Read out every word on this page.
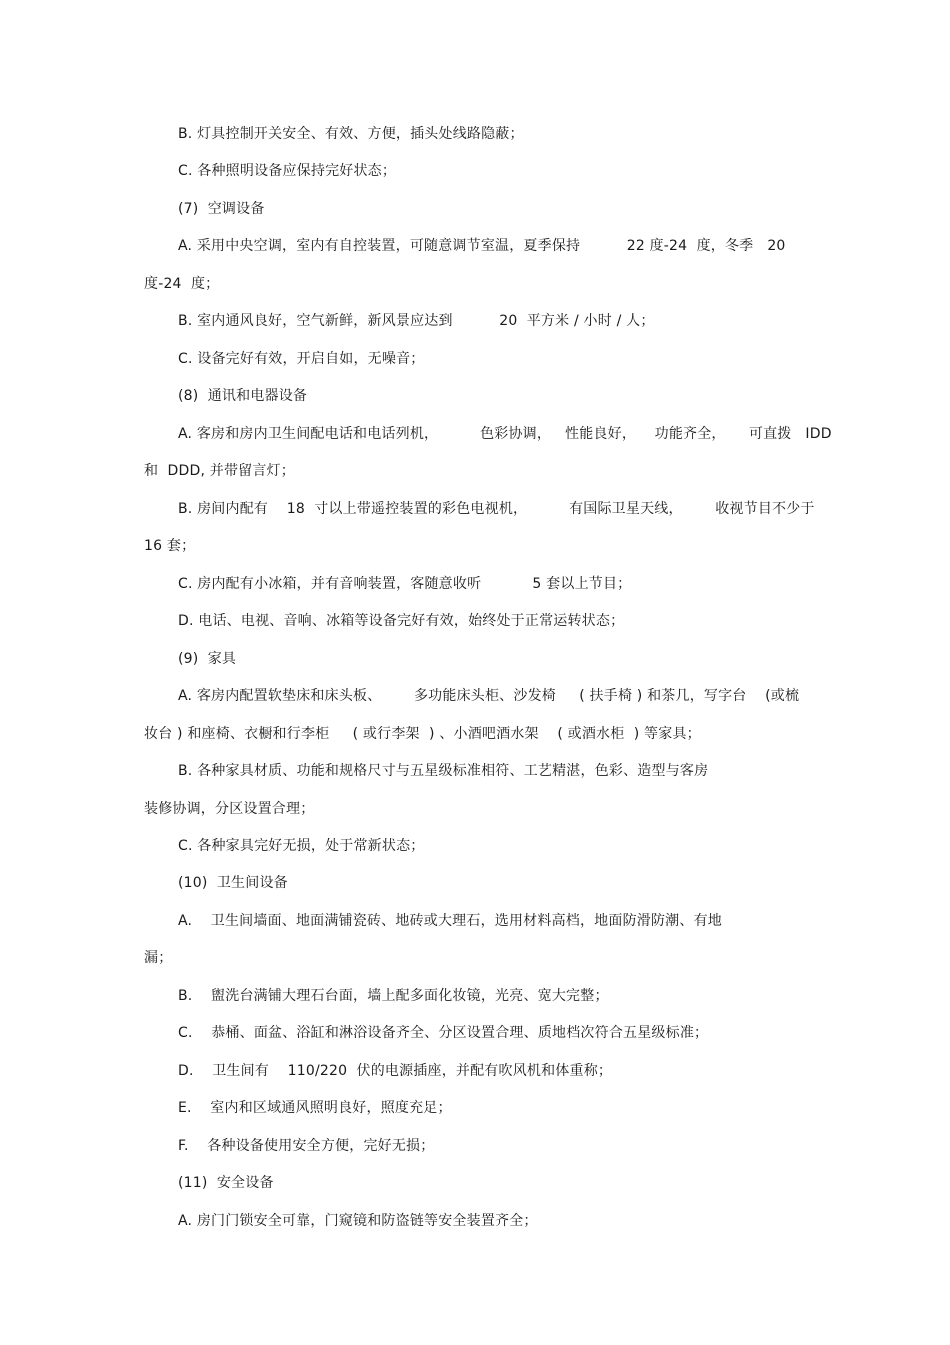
B. 灯具控制开关安全、有效、方便，插头处线路隐蔽；
C. 各种照明设备应保持完好状态；
(7)  空调设备
A. 采用中央空调，室内有自控装置，可随意调节室温，夏季保持          22 度-24  度，冬季   20
度-24  度；
B. 室内通风良好，空气新鲜，新风景应达到          20  平方米 / 小时 / 人；
C. 设备完好有效，开启自如，无噪音；
(8)  通讯和电器设备
A. 客房和房内卫生间配电话和电话列机，         色彩协调，   性能良好，    功能齐全，     可直拨   IDD
和  DDD, 并带留言灯；
B. 房间内配有    18  寸以上带遥控装置的彩色电视机，         有国际卫星天线，       收视节目不少于
16 套；
C. 房内配有小冰箱，并有音响装置，客随意收听           5 套以上节目；
D. 电话、电视、音响、冰箱等设备完好有效，始终处于正常运转状态；
(9)  家具
A. 客房内配置软垫床和床头板、       多功能床头柜、沙发椅     ( 扶手椅 ) 和茶几，写字台    (或梳
妆台 ) 和座椅、衣橱和行李柜     ( 或行李架  ) 、小酒吧酒水架    ( 或酒水柜  ) 等家具；
B. 各种家具材质、功能和规格尺寸与五星级标准相符、工艺精湛，色彩、造型与客房
装修协调，分区设置合理；
C. 各种家具完好无损，处于常新状态；
(10)  卫生间设备
A.    卫生间墙面、地面满铺瓷砖、地砖或大理石，选用材料高档，地面防滑防潮、有地
漏；
B.    盥洗台满铺大理石台面，墙上配多面化妆镜，光亮、宽大完整；
C.    恭桶、面盆、浴缸和淋浴设备齐全、分区设置合理、质地档次符合五星级标准；
D.    卫生间有    110/220  伏的电源插座，并配有吹风机和体重称；
E.    室内和区域通风照明良好，照度充足；
F.    各种设备使用安全方便，完好无损；
(11)  安全设备
A. 房门门锁安全可靠，门窥镜和防盗链等安全装置齐全；
